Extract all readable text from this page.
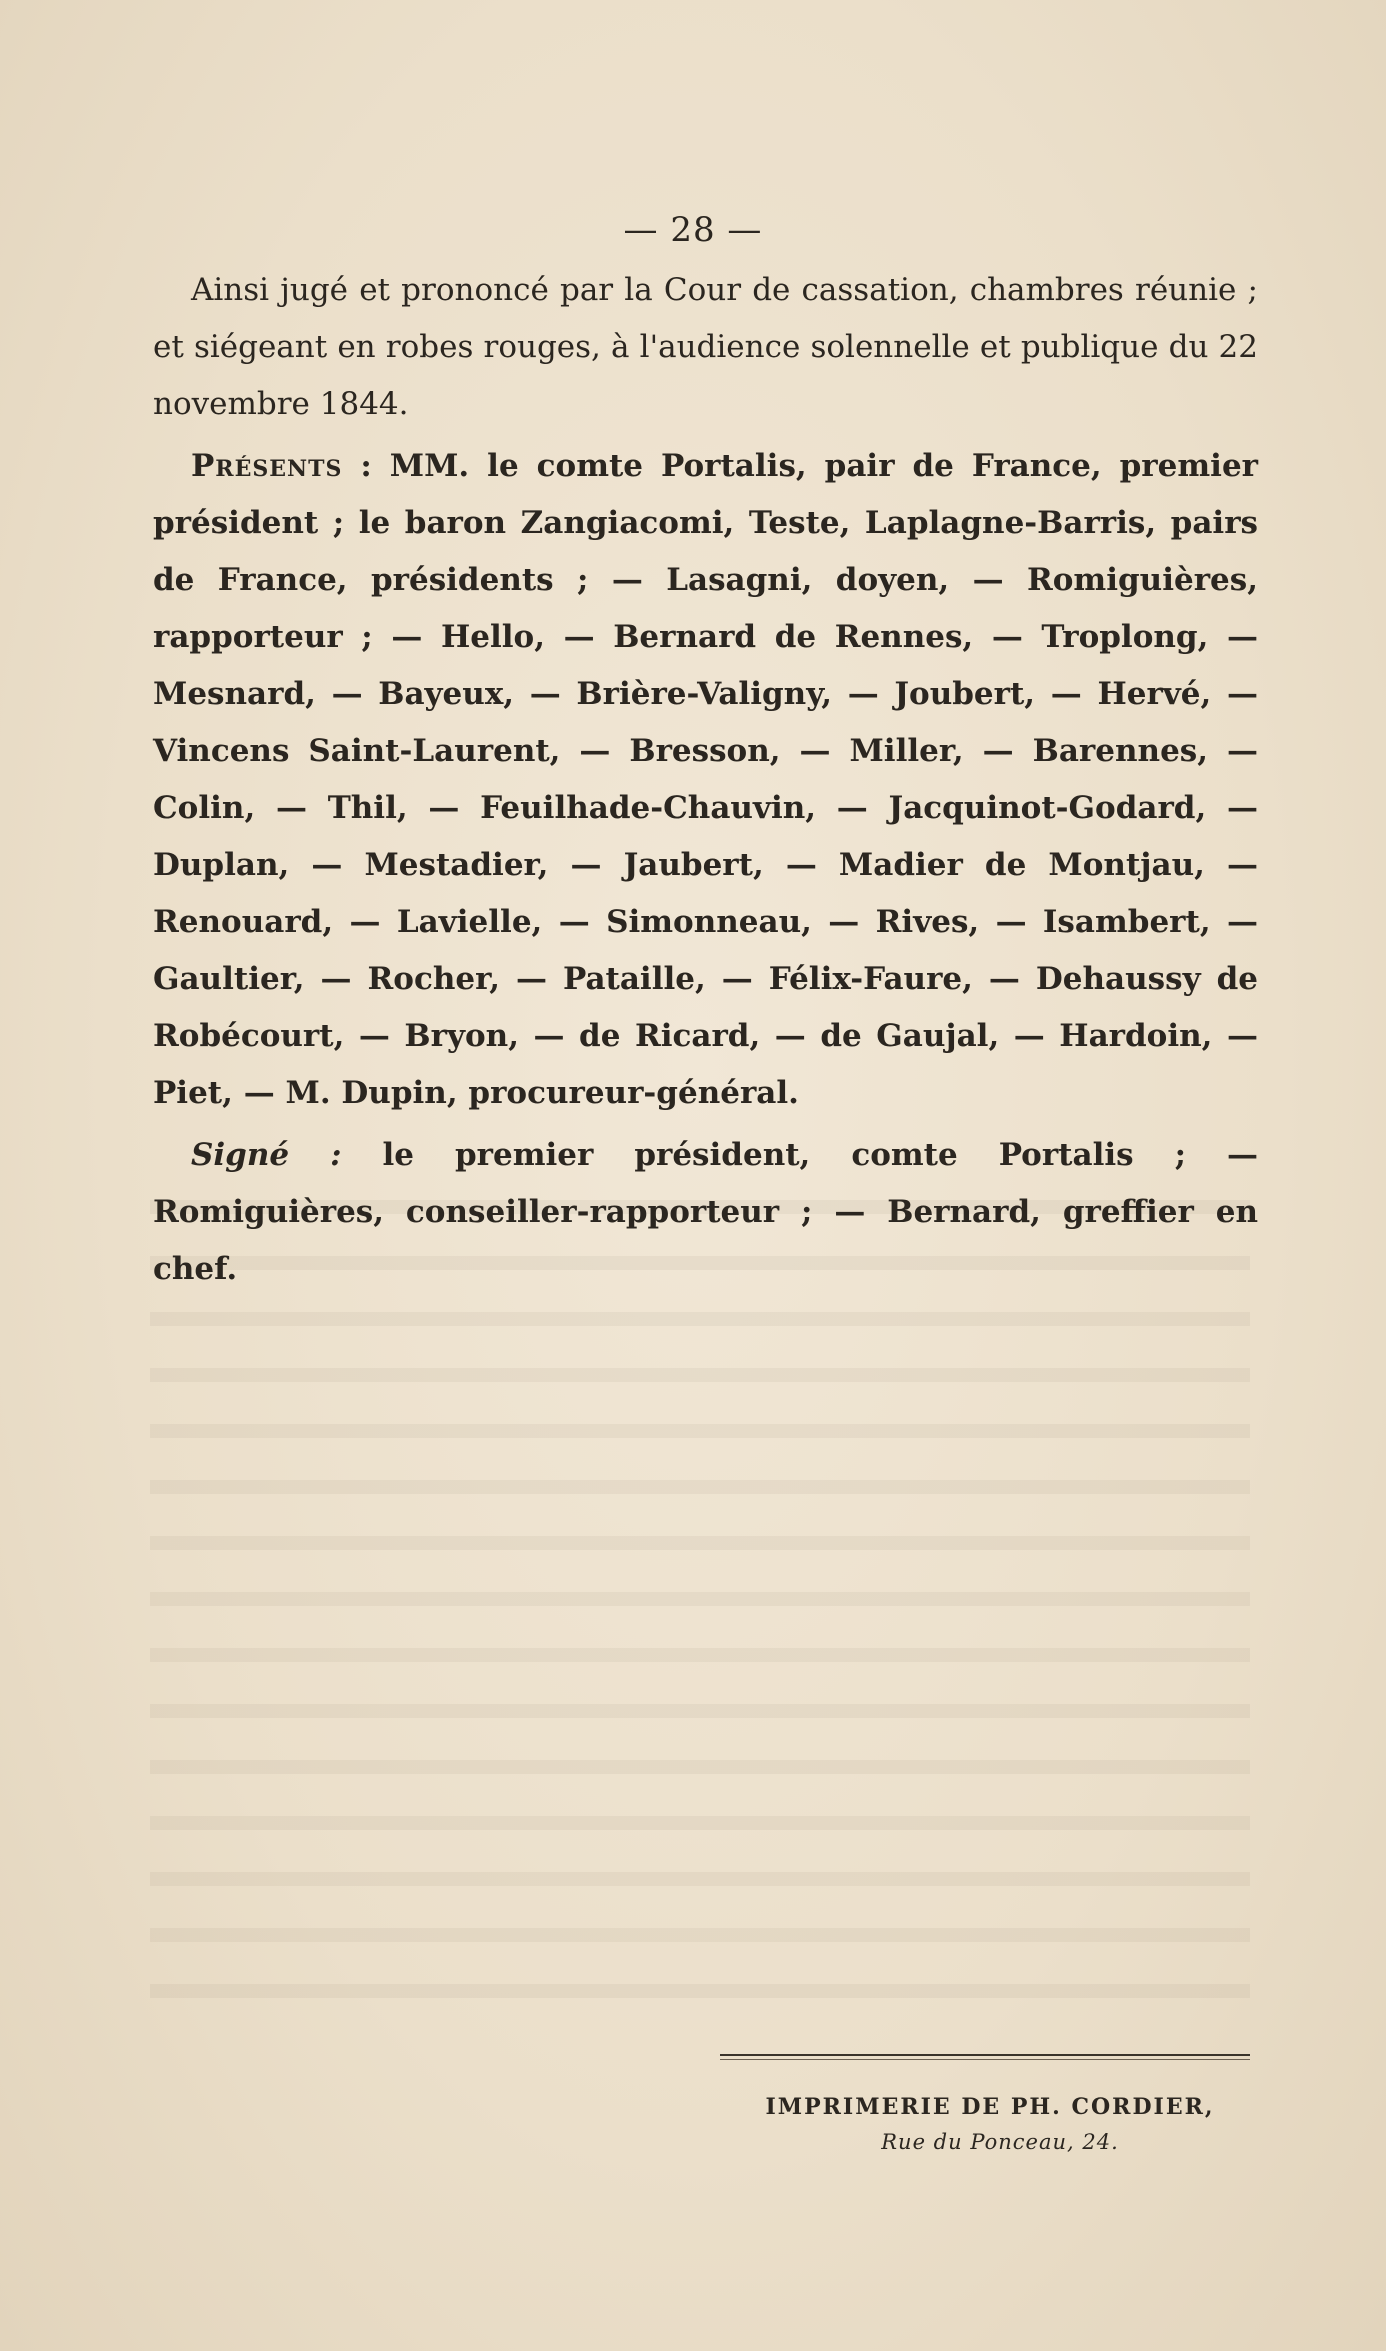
— 28 —

Ainsi jugé et prononcé par la Cour de cassation, chambres réunie ; et siégeant en robes rouges, à l'audience solennelle et publique du 22 novembre 1844.

Présents : MM. le comte Portalis, pair de France, premier président ; le baron Zangiacomi, Teste, Laplagne-Barris, pairs de France, présidents ; — Lasagni, doyen, — Romiguières, rapporteur ; — Hello, — Bernard de Rennes, — Troplong, — Mesnard, — Bayeux, — Brière-Valigny, — Joubert, — Hervé, — Vincens Saint-Laurent, — Bresson, — Miller, — Barennes, — Colin, — Thil, — Feuilhade-Chauvin, — Jacquinot-Godard, — Duplan, — Mestadier, — Jaubert, — Madier de Montjau, — Renouard, — Lavielle, — Simonneau, — Rives, — Isambert, — Gaultier, — Rocher, — Pataille, — Félix-Faure, — Dehaussy de Robécourt, — Bryon, — de Ricard, — de Gaujal, — Hardoin, — Piet, — M. Dupin, procureur-général.

Signé : le premier président, comte Portalis ; — Romiguières, conseiller-rapporteur ; — Bernard, greffier en chef.

IMPRIMERIE DE PH. CORDIER,
Rue du Ponceau, 24.
